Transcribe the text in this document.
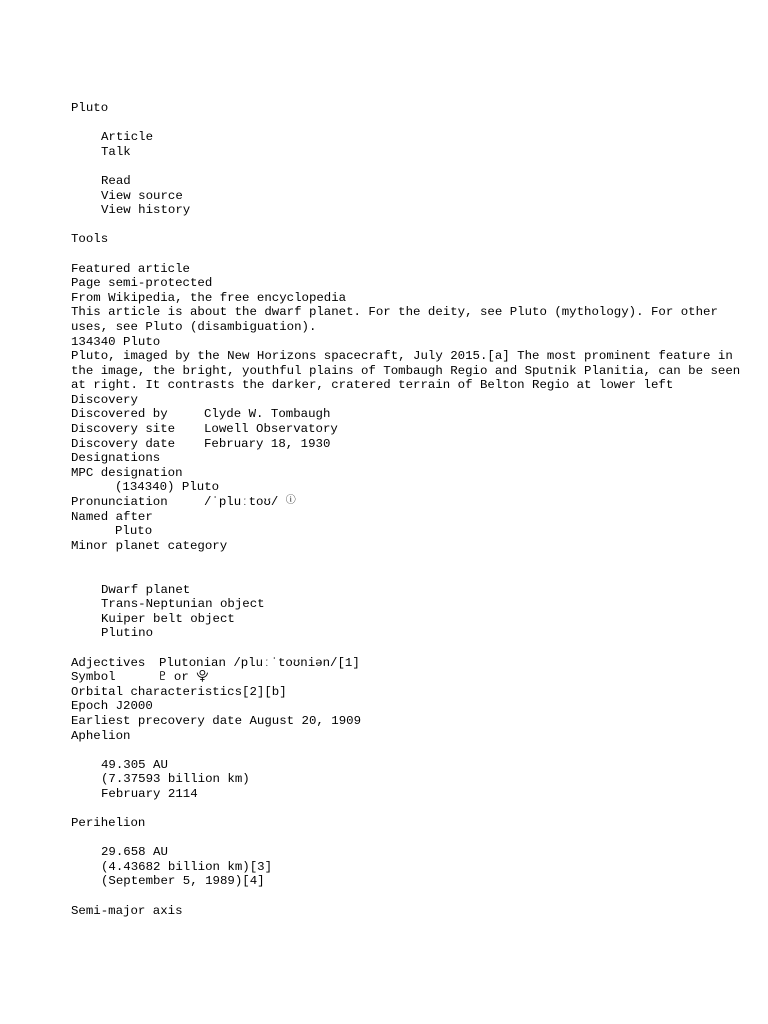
Pluto
Article
Talk
Read
View source
View history
Tools
Featured article
Page semi-protected
From Wikipedia, the free encyclopedia
This article is about the dwarf planet. For the deity, see Pluto (mythology). For other uses, see Pluto (disambiguation).
134340 Pluto
Pluto, imaged by the New Horizons spacecraft, July 2015.[a] The most prominent feature in the image, the bright, youthful plains of Tombaugh Regio and Sputnik Planitia, can be seen at right. It contrasts the darker, cratered terrain of Belton Regio at lower left
Discovery
Discovered by	Clyde W. Tombaugh
Discovery site	Lowell Observatory
Discovery date	February 18, 1930
Designations
MPC designation
(134340) Pluto
Pronunciation	/ˈpluːtoʊ/
ⓘ
Named after
Pluto
Minor planet category
Dwarf planet
Trans-Neptunian object
Kuiper belt object
Plutino
Adjectives	Plutonian /pluːˈtoʊniən/[1]
Symbol	♇ or ⯓
Orbital characteristics[2][b]
Epoch J2000
Earliest precovery date
August 20, 1909
Aphelion
49.305 AU
(7.37593 billion km)
February 2114
Perihelion
29.658 AU
(4.43682 billion km)[3]
(September 5, 1989)[4]
Semi-major axis
